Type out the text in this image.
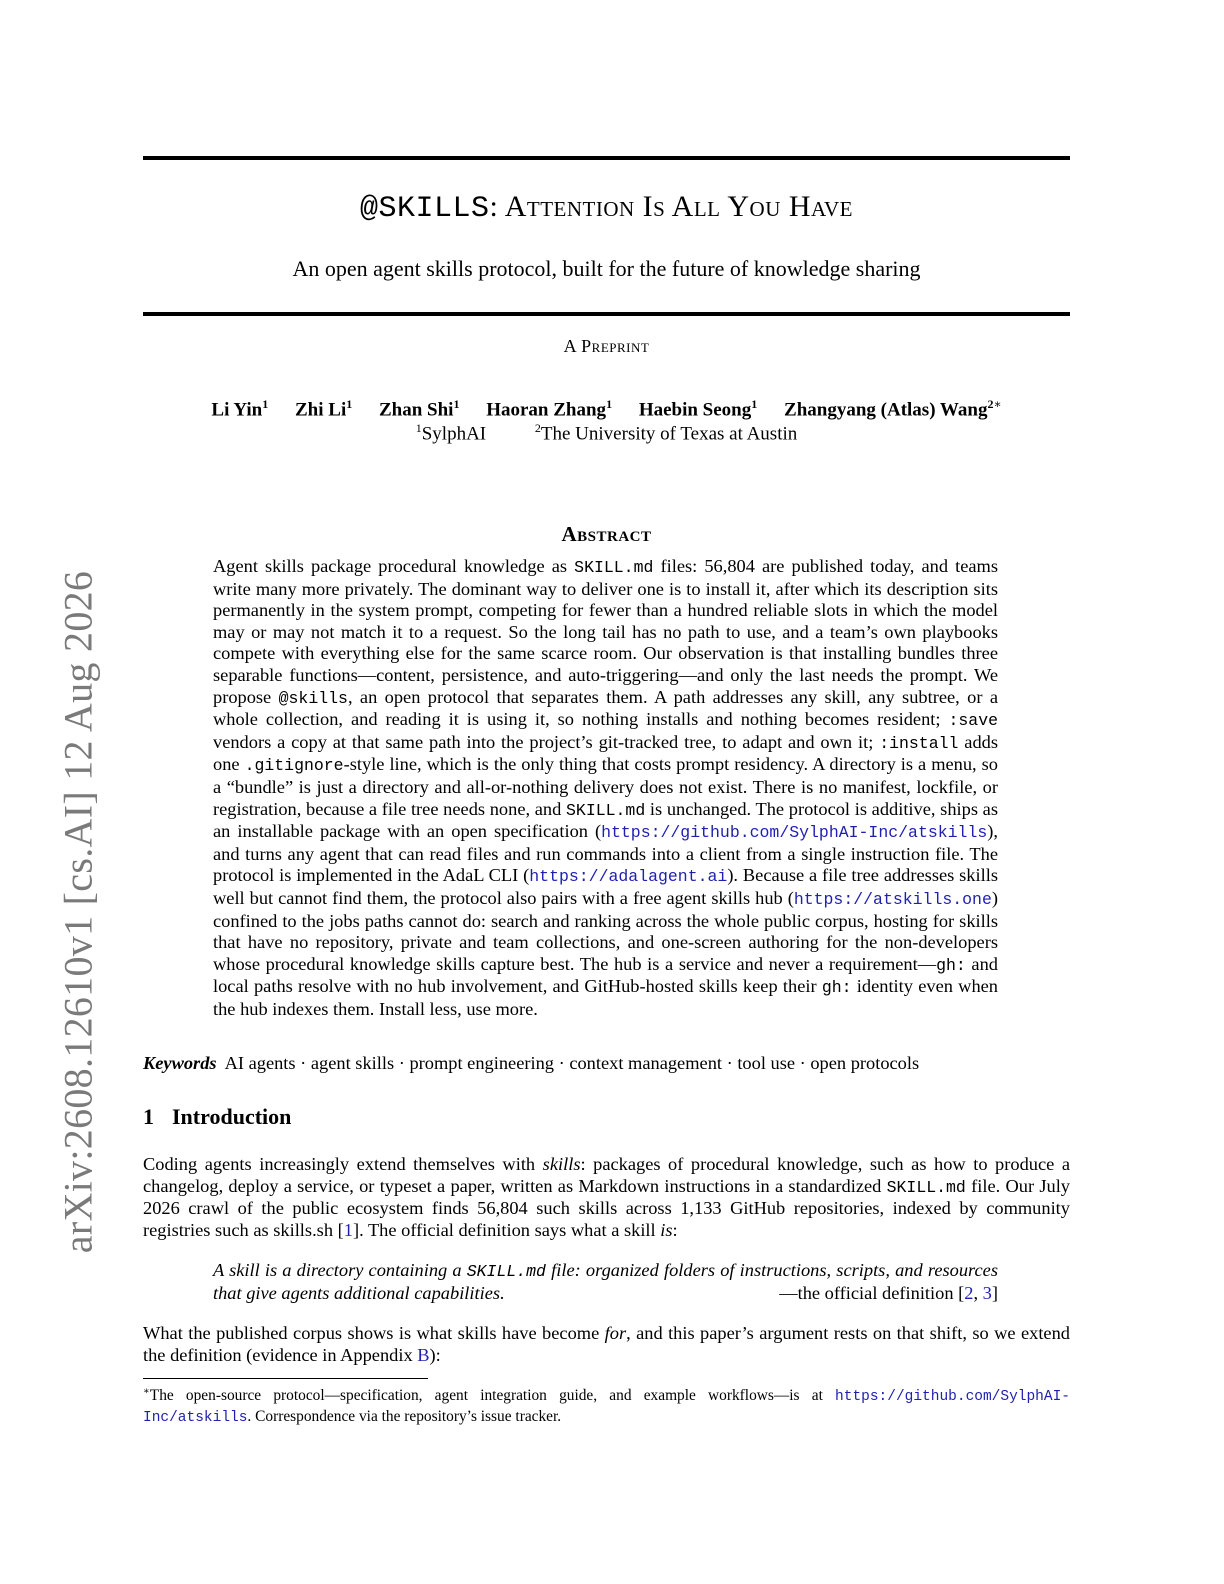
arXiv:2608.12610v1 [cs.AI] 12 Aug 2026
@SKILLS: Attention Is All You Have
An open agent skills protocol, built for the future of knowledge sharing
A Preprint
Li Yin$^1$ Zhi Li$^1$ Zhan Shi$^1$ Haoran Zhang$^1$ Haebin Seong$^1$ Zhangyang (Atlas) Wang$^{2∗}$
$^1$SylphAI	$^2$The University of Texas at Austin
Abstract
Agent skills package procedural knowledge as SKILL.md files: 56,804 are published today, and teams write many more privately. The dominant way to deliver one is to install it, after which its description sits permanently in the system prompt, competing for fewer than a hundred reliable slots in which the model may or may not match it to a request. So the long tail has no path to use, and a team’s own playbooks compete with everything else for the same scarce room. Our observation is that installing bundles three separable functions—content, persistence, and auto-triggering—and only the last needs the prompt. We propose @skills, an open protocol that separates them. A path addresses any skill, any subtree, or a whole collection, and reading it is using it, so nothing installs and nothing becomes resident; :save vendors a copy at that same path into the project’s git-tracked tree, to adapt and own it; :install adds one .gitignore-style line, which is the only thing that costs prompt residency. A directory is a menu, so a “bundle” is just a directory and all-or-nothing delivery does not exist. There is no manifest, lockfile, or registration, because a file tree needs none, and SKILL.md is unchanged. The protocol is additive, ships as an installable package with an open specification (https://github.com/SylphAI-Inc/atskills), and turns any agent that can read files and run commands into a client from a single instruction file. The protocol is implemented in the AdaL CLI (https://adalagent.ai). Because a file tree addresses skills well but cannot find them, the protocol also pairs with a free agent skills hub (https://atskills.one) confined to the jobs paths cannot do: search and ranking across the whole public corpus, hosting for skills that have no repository, private and team collections, and one-screen authoring for the non-developers whose procedural knowledge skills capture best. The hub is a service and never a requirement—gh: and local paths resolve with no hub involvement, and GitHub-hosted skills keep their gh: identity even when the hub indexes them. Install less, use more.
Keywords AI agents · agent skills · prompt engineering · context management · tool use · open protocols
1 Introduction
Coding agents increasingly extend themselves with skills: packages of procedural knowledge, such as how to produce a changelog, deploy a service, or typeset a paper, written as Markdown instructions in a standardized SKILL.md file. Our July 2026 crawl of the public ecosystem finds 56,804 such skills across 1,133 GitHub repositories, indexed by community registries such as skills.sh [1]. The official definition says what a skill is:
A skill is a directory containing a SKILL.md file: organized folders of instructions, scripts, and resources that give agents additional capabilities.	—the official definition [2, 3]
What the published corpus shows is what skills have become for, and this paper’s argument rests on that shift, so we extend the definition (evidence in Appendix B):
∗The open-source protocol—specification, agent integration guide, and example workflows—is at https://github.com/SylphAI-Inc/atskills. Correspondence via the repository’s issue tracker.
